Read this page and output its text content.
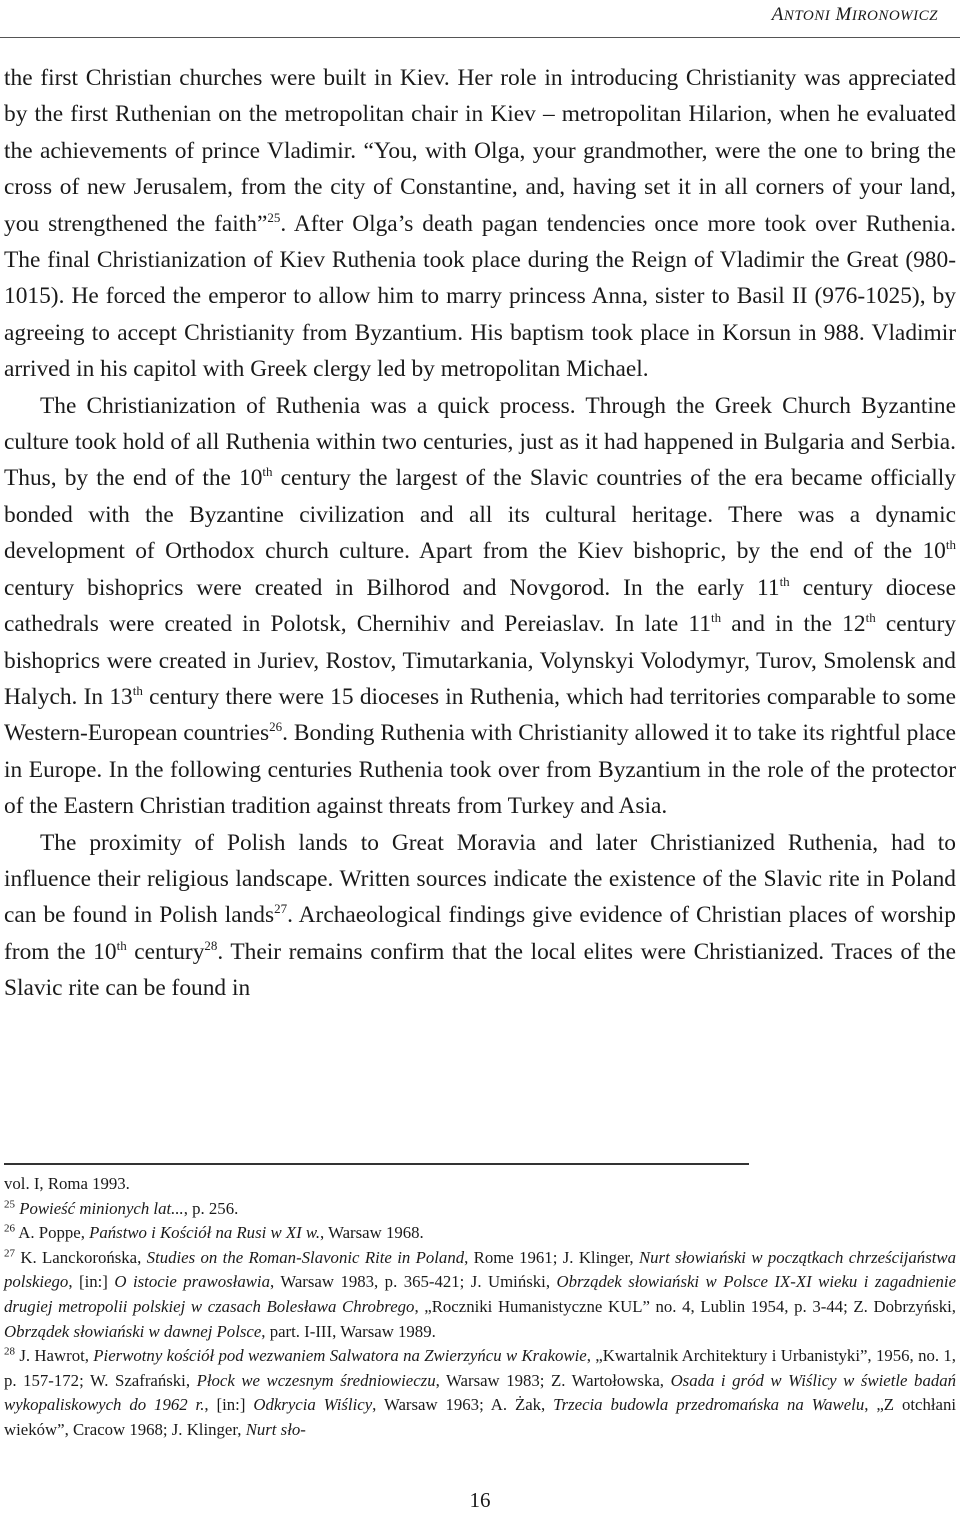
ANTONI MIRONOWICZ

the first Christian churches were built in Kiev. Her role in introducing Christianity was appreciated by the first Ruthenian on the metropolitan chair in Kiev – metropolitan Hilarion, when he evaluated the achievements of prince Vladimir. “You, with Olga, your grandmother, were the one to bring the cross of new Jerusalem, from the city of Constantine, and, having set it in all corners of your land, you strengthened the faith”$^{25}$. After Olga’s death pagan tendencies once more took over Ruthenia. The final Christianization of Kiev Ruthenia took place during the Reign of Vladimir the Great (980-1015). He forced the emperor to allow him to marry princess Anna, sister to Basil II (976-1025), by agreeing to accept Christianity from Byzantium. His baptism took place in Korsun in 988. Vladimir arrived in his capitol with Greek clergy led by metropolitan Michael.

The Christianization of Ruthenia was a quick process. Through the Greek Church Byzantine culture took hold of all Ruthenia within two centuries, just as it had happened in Bulgaria and Serbia. Thus, by the end of the 10th century the largest of the Slavic countries of the era became officially bonded with the Byzantine civilization and all its cultural heritage. There was a dynamic development of Orthodox church culture. Apart from the Kiev bishopric, by the end of the 10th century bishoprics were created in Bilhorod and Novgorod. In the early 11th century diocese cathedrals were created in Polotsk, Chernihiv and Pereiaslav. In late 11th and in the 12th century bishoprics were created in Juriev, Rostov, Timutarkania, Volynskyi Volodymyr, Turov, Smolensk and Halych. In 13th century there were 15 dioceses in Ruthenia, which had territories comparable to some Western-European countries$^{26}$. Bonding Ruthenia with Christianity allowed it to take its rightful place in Europe. In the following centuries Ruthenia took over from Byzantium in the role of the protector of the Eastern Christian tradition against threats from Turkey and Asia.

The proximity of Polish lands to Great Moravia and later Christianized Ruthenia, had to influence their religious landscape. Written sources indicate the existence of the Slavic rite in Poland can be found in Polish lands$^{27}$. Archaeological findings give evidence of Christian places of worship from the 10th century$^{28}$. Their remains confirm that the local elites were Christianized. Traces of the Slavic rite can be found in

vol. I, Roma 1993.

$^{25}$ Powieść minionych lat..., p. 256.

$^{26}$ A. Poppe, Państwo i Kościół na Rusi w XI w., Warsaw 1968.

$^{27}$ K. Lanckorońska, Studies on the Roman-Slavonic Rite in Poland, Rome 1961; J. Klinger, Nurt słowiański w początkach chrześcijaństwa polskiego, [in:] O istocie prawosławia, Warsaw 1983, p. 365-421; J. Umiński, Obrządek słowiański w Polsce IX-XI wieku i zagadnienie drugiej metropolii polskiej w czasach Bolesława Chrobrego, „Roczniki Humanistyczne KUL” no. 4, Lublin 1954, p. 3-44; Z. Dobrzyński, Obrządek słowiański w dawnej Polsce, part. I-III, Warsaw 1989.

$^{28}$ J. Hawrot, Pierwotny kościół pod wezwaniem Salwatora na Zwierzyńcu w Krakowie, „Kwartalnik Architektury i Urbanistyki”, 1956, no. 1, p. 157-172; W. Szafrański, Płock we wczesnym średniowieczu, Warsaw 1983; Z. Wartołowska, Osada i gród w Wiślicy w świetle badań wykopaliskowych do 1962 r., [in:] Odkrycia Wiślicy, Warsaw 1963; A. Żak, Trzecia budowla przedromańska na Wawelu, „Z otchłani wieków”, Cracow 1968; J. Klinger, Nurt sło-

16
